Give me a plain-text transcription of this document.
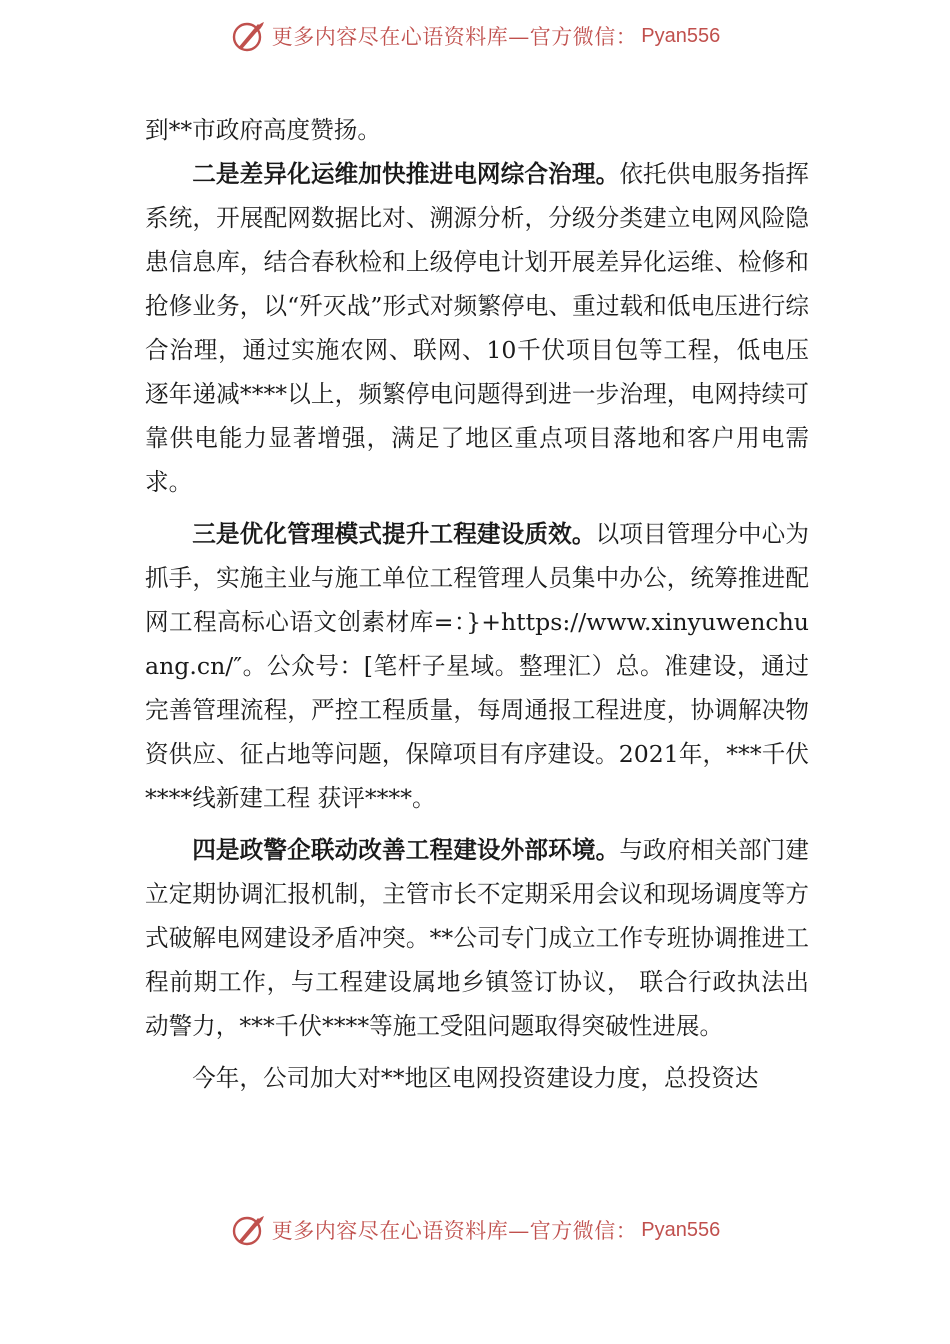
更多内容尽在心语资料库—官方微信： Pyan556

到**市政府高度赞扬。

二是差异化运维加快推进电网综合治理。依托供电服务指挥系统，开展配网数据比对、溯源分析，分级分类建立电网风险隐患信息库，结合春秋检和上级停电计划开展差异化运维、检修和抢修业务，以“歼灭战”形式对频繁停电、重过载和低电压进行综合治理，通过实施农网、联网、10千伏项目包等工程，低电压逐年递减****以上，频繁停电问题得到进一步治理，电网持续可靠供电能力显著增强，满足了地区重点项目落地和客户用电需求。

三是优化管理模式提升工程建设质效。以项目管理分中心为抓手，实施主业与施工单位工程管理人员集中办公，统筹推进配网工程高标心语文创素材库=：}+https://www.xinyuwenchuang.cn/″。公众号：[笔杆子星域。整理汇）总。准建设，通过完善管理流程，严控工程质量，每周通报工程进度，协调解决物资供应、征占地等问题，保障项目有序建设。2021年，***千伏****线新建工程 获评****。

四是政警企联动改善工程建设外部环境。与政府相关部门建立定期协调汇报机制，主管市长不定期采用会议和现场调度等方式破解电网建设矛盾冲突。**公司专门成立工作专班协调推进工程前期工作，与工程建设属地乡镇签订协议， 联合行政执法出动警力，***千伏****等施工受阻问题取得突破性进展。

今年，公司加大对**地区电网投资建设力度，总投资达

更多内容尽在心语资料库—官方微信： Pyan556
